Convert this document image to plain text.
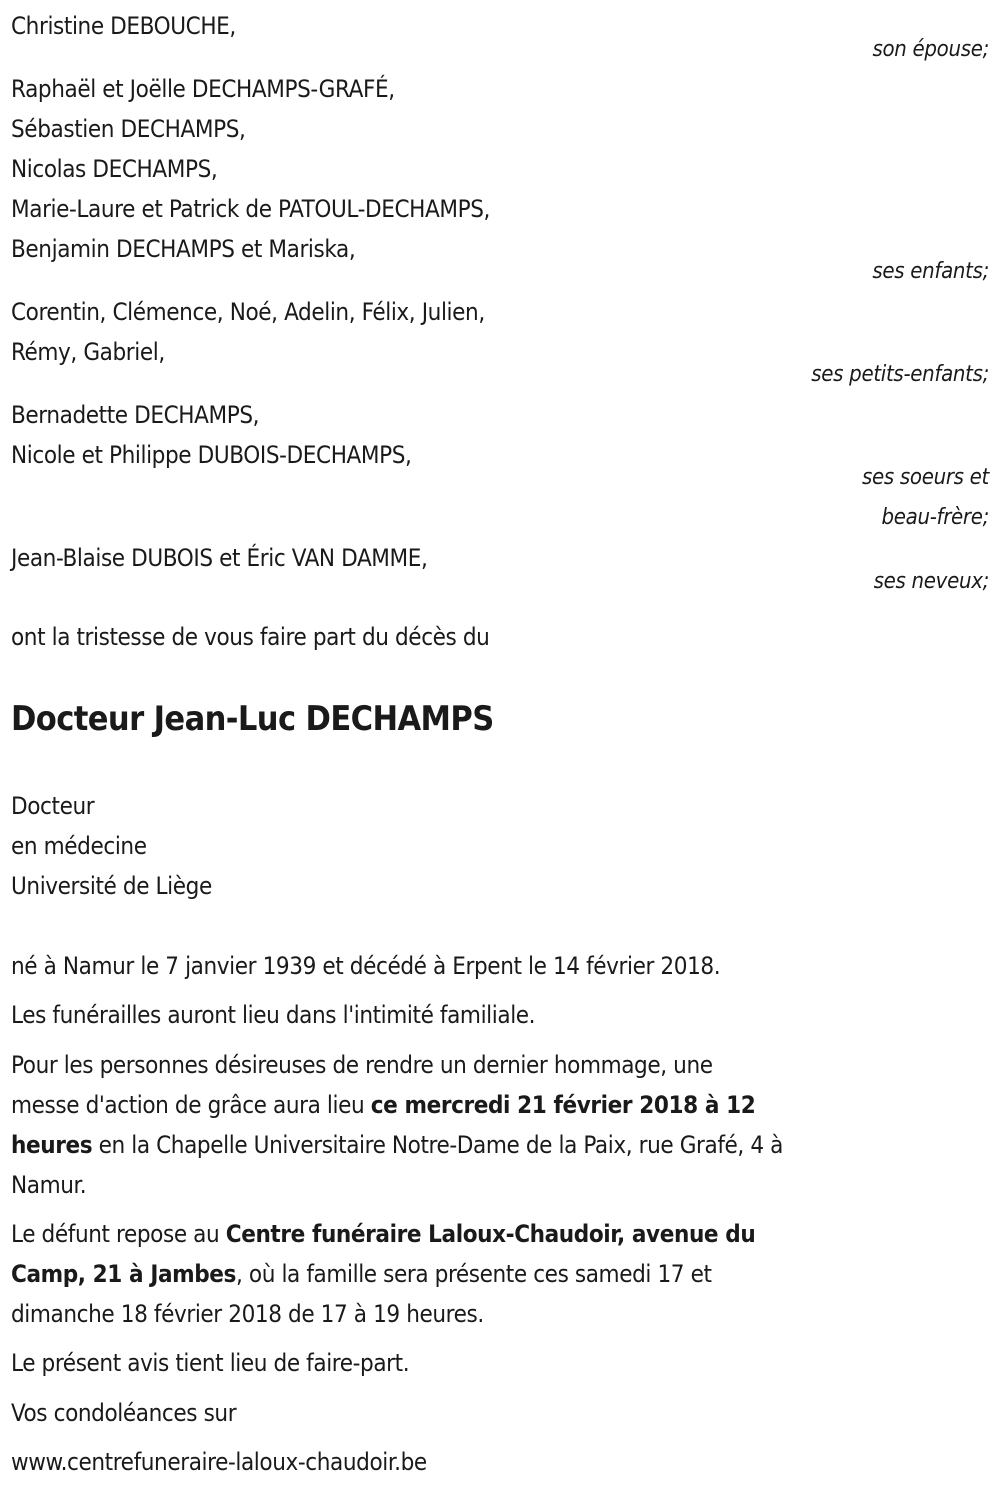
Christine DEBOUCHE,
son épouse;
Raphaël et Joëlle DECHAMPS-GRAFÉ,
Sébastien DECHAMPS,
Nicolas DECHAMPS,
Marie-Laure et Patrick de PATOUL-DECHAMPS,
Benjamin DECHAMPS et Mariska,
ses enfants;
Corentin, Clémence, Noé, Adelin, Félix, Julien,
Rémy, Gabriel,
ses petits-enfants;
Bernadette DECHAMPS,
Nicole et Philippe DUBOIS-DECHAMPS,
ses soeurs et
beau-frère;
Jean-Blaise DUBOIS et Éric VAN DAMME,
ses neveux;
ont la tristesse de vous faire part du décès du
Docteur Jean-Luc DECHAMPS
Docteur
en médecine
Université de Liège
né à Namur le 7 janvier 1939 et décédé à Erpent le 14 février 2018.
Les funérailles auront lieu dans l'intimité familiale.
Pour les personnes désireuses de rendre un dernier hommage, une
messe d'action de grâce aura lieu ce mercredi 21 février 2018 à 12
heures en la Chapelle Universitaire Notre-Dame de la Paix, rue Grafé, 4 à
Namur.
Le défunt repose au Centre funéraire Laloux-Chaudoir, avenue du
Camp, 21 à Jambes, où la famille sera présente ces samedi 17 et
dimanche 18 février 2018 de 17 à 19 heures.
Le présent avis tient lieu de faire-part.
Vos condoléances sur
www.centrefuneraire-laloux-chaudoir.be
